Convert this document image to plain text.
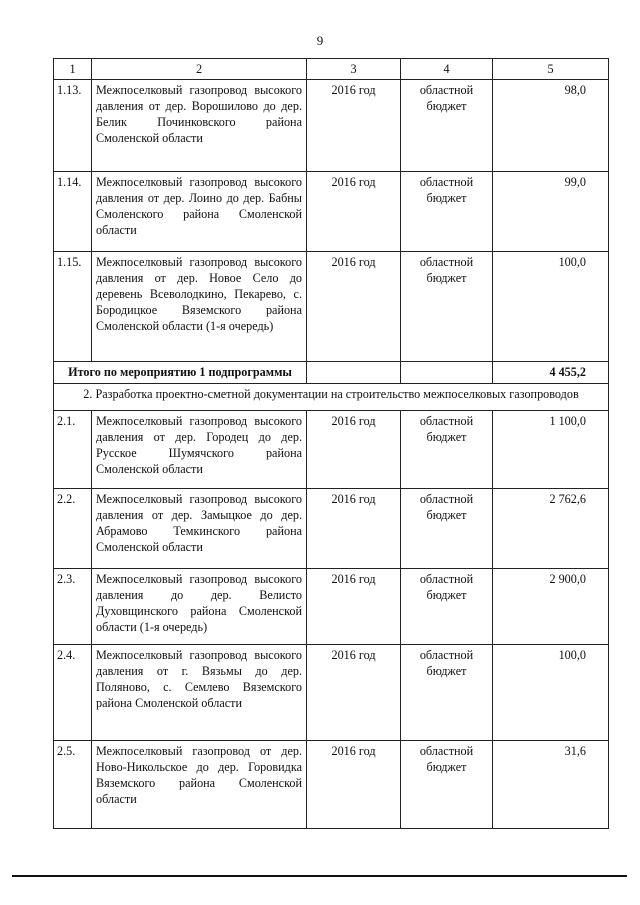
9
1	2	3	4	5
1.13.	Межпоселковый газопровод высокого давления от дер. Ворошилово до дер. Белик Починковского района Смоленской области	2016 год	областной бюджет	98,0
1.14.	Межпоселковый газопровод высокого давления от дер. Лоино до дер. Бабны Смоленского района Смоленской области	2016 год	областной бюджет	99,0
1.15.	Межпоселковый газопровод высокого давления от дер. Новое Село до деревень Всеволодкино, Пекарево, с. Бородицкое Вяземского района Смоленской области (1-я очередь)	2016 год	областной бюджет	100,0
Итого по мероприятию 1 подпрограммы				4 455,2
2. Разработка проектно-сметной документации на строительство межпоселковых газопроводов				
2.1.	Межпоселковый газопровод высокого давления от дер. Городец до дер. Русское Шумячского района Смоленской области	2016 год	областной бюджет	1 100,0
2.2.	Межпоселковый газопровод высокого давления от дер. Замыцкое до дер. Абрамово Темкинского района Смоленской области	2016 год	областной бюджет	2 762,6
2.3.	Межпоселковый газопровод высокого давления до дер. Велисто Духовщинского района Смоленской области (1-я очередь)	2016 год	областной бюджет	2 900,0
2.4.	Межпоселковый газопровод высокого давления от г. Вязьмы до дер. Поляново, с. Семлево Вяземского района Смоленской области	2016 год	областной бюджет	100,0
2.5.	Межпоселковый газопровод от дер. Ново-Никольское до дер. Горовидка Вяземского района Смоленской области	2016 год	областной бюджет	31,6
